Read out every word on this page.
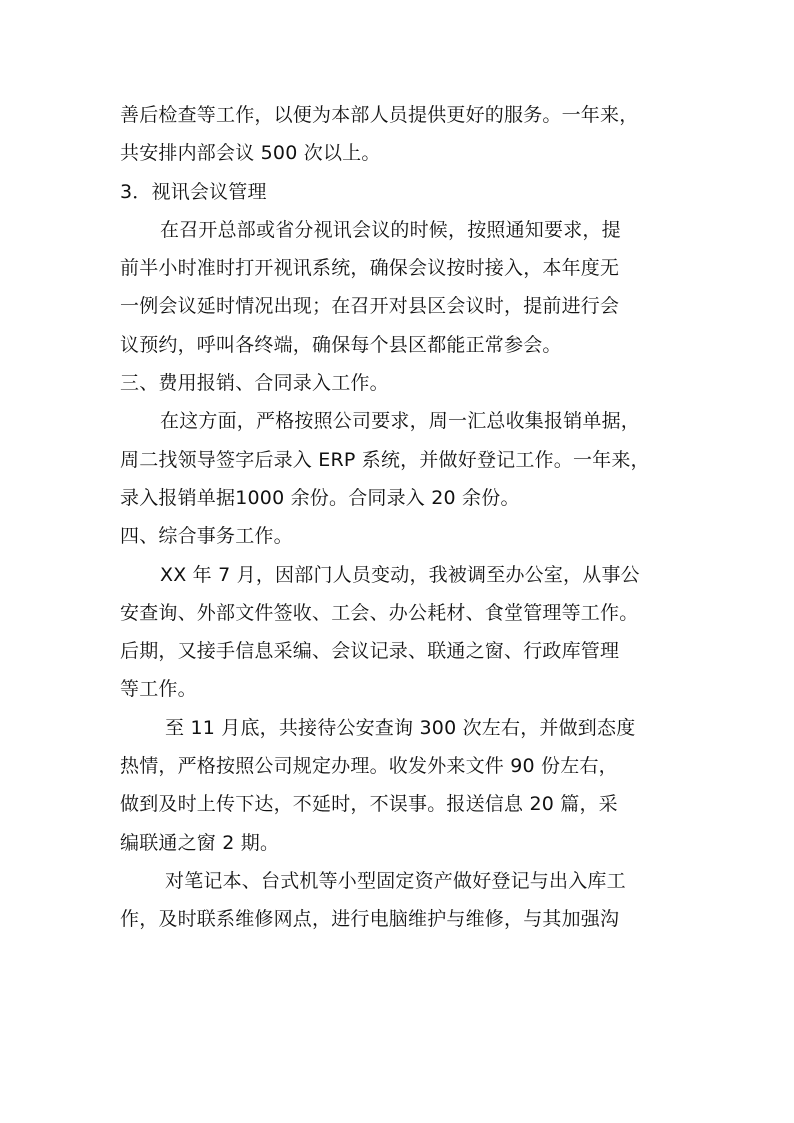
善后检查等工作，以便为本部人员提供更好的服务。一年来，
共安排内部会议 500 次以上。
3．视讯会议管理
在召开总部或省分视讯会议的时候，按照通知要求，提
前半小时准时打开视讯系统，确保会议按时接入，本年度无
一例会议延时情况出现；在召开对县区会议时，提前进行会
议预约，呼叫各终端，确保每个县区都能正常参会。
三、费用报销、合同录入工作。
在这方面，严格按照公司要求，周一汇总收集报销单据，
周二找领导签字后录入 ERP 系统，并做好登记工作。一年来，
录入报销单据1000 余份。合同录入 20 余份。
四、综合事务工作。
XX 年 7 月，因部门人员变动，我被调至办公室，从事公
安查询、外部文件签收、工会、办公耗材、食堂管理等工作。
后期，又接手信息采编、会议记录、联通之窗、行政库管理
等工作。
至 11 月底，共接待公安查询 300 次左右，并做到态度
热情，严格按照公司规定办理。收发外来文件 90 份左右，
做到及时上传下达，不延时，不误事。报送信息 20 篇，采
编联通之窗 2 期。
对笔记本、台式机等小型固定资产做好登记与出入库工
作，及时联系维修网点，进行电脑维护与维修，与其加强沟
